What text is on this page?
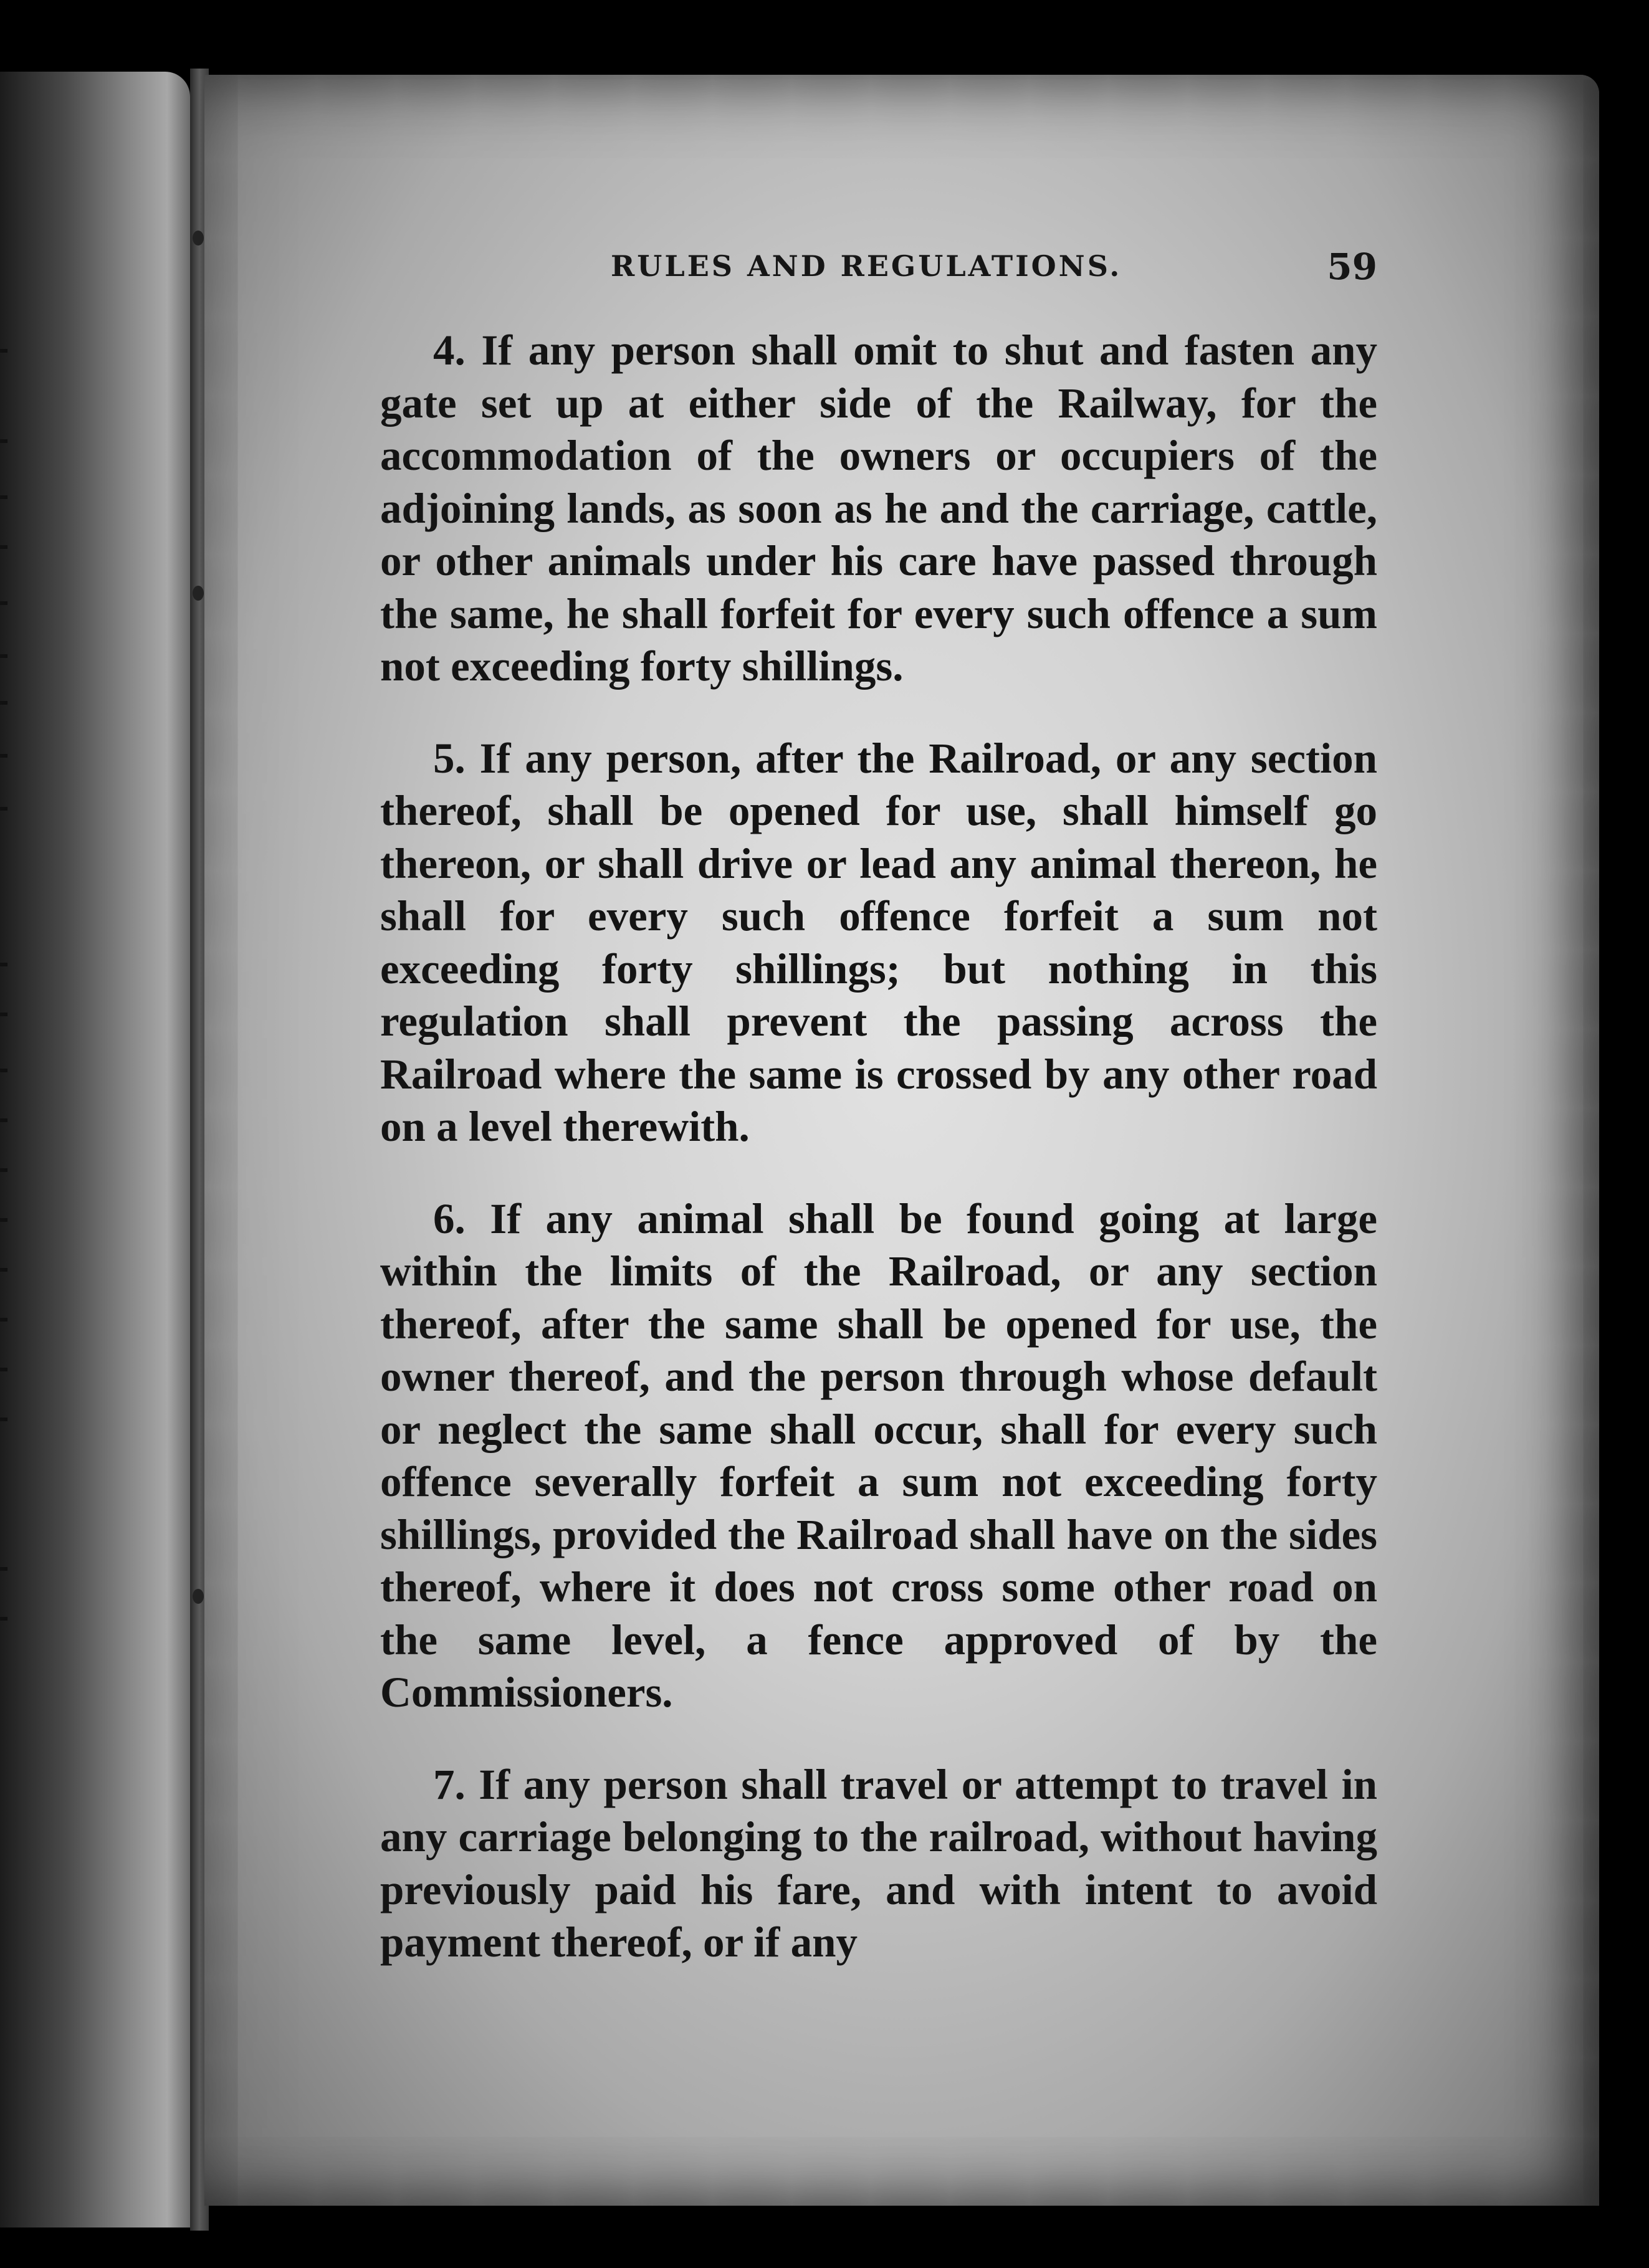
RULES AND REGULATIONS.	59

4. If any person shall omit to shut and fasten any gate set up at either side of the Railway, for the accommodation of the owners or occupiers of the adjoining lands, as soon as he and the carriage, cattle, or other animals under his care have passed through the same, he shall forfeit for every such offence a sum not exceeding forty shillings.

5. If any person, after the Railroad, or any section thereof, shall be opened for use, shall himself go thereon, or shall drive or lead any animal thereon, he shall for every such offence forfeit a sum not exceeding forty shillings; but nothing in this regulation shall prevent the passing across the Railroad where the same is crossed by any other road on a level therewith.

6. If any animal shall be found going at large within the limits of the Railroad, or any section thereof, after the same shall be opened for use, the owner thereof, and the person through whose default or neglect the same shall occur, shall for every such offence severally forfeit a sum not exceeding forty shillings, provided the Railroad shall have on the sides thereof, where it does not cross some other road on the same level, a fence approved of by the Commissioners.

7. If any person shall travel or attempt to travel in any carriage belonging to the railroad, without having previously paid his fare, and with intent to avoid payment thereof, or if any
